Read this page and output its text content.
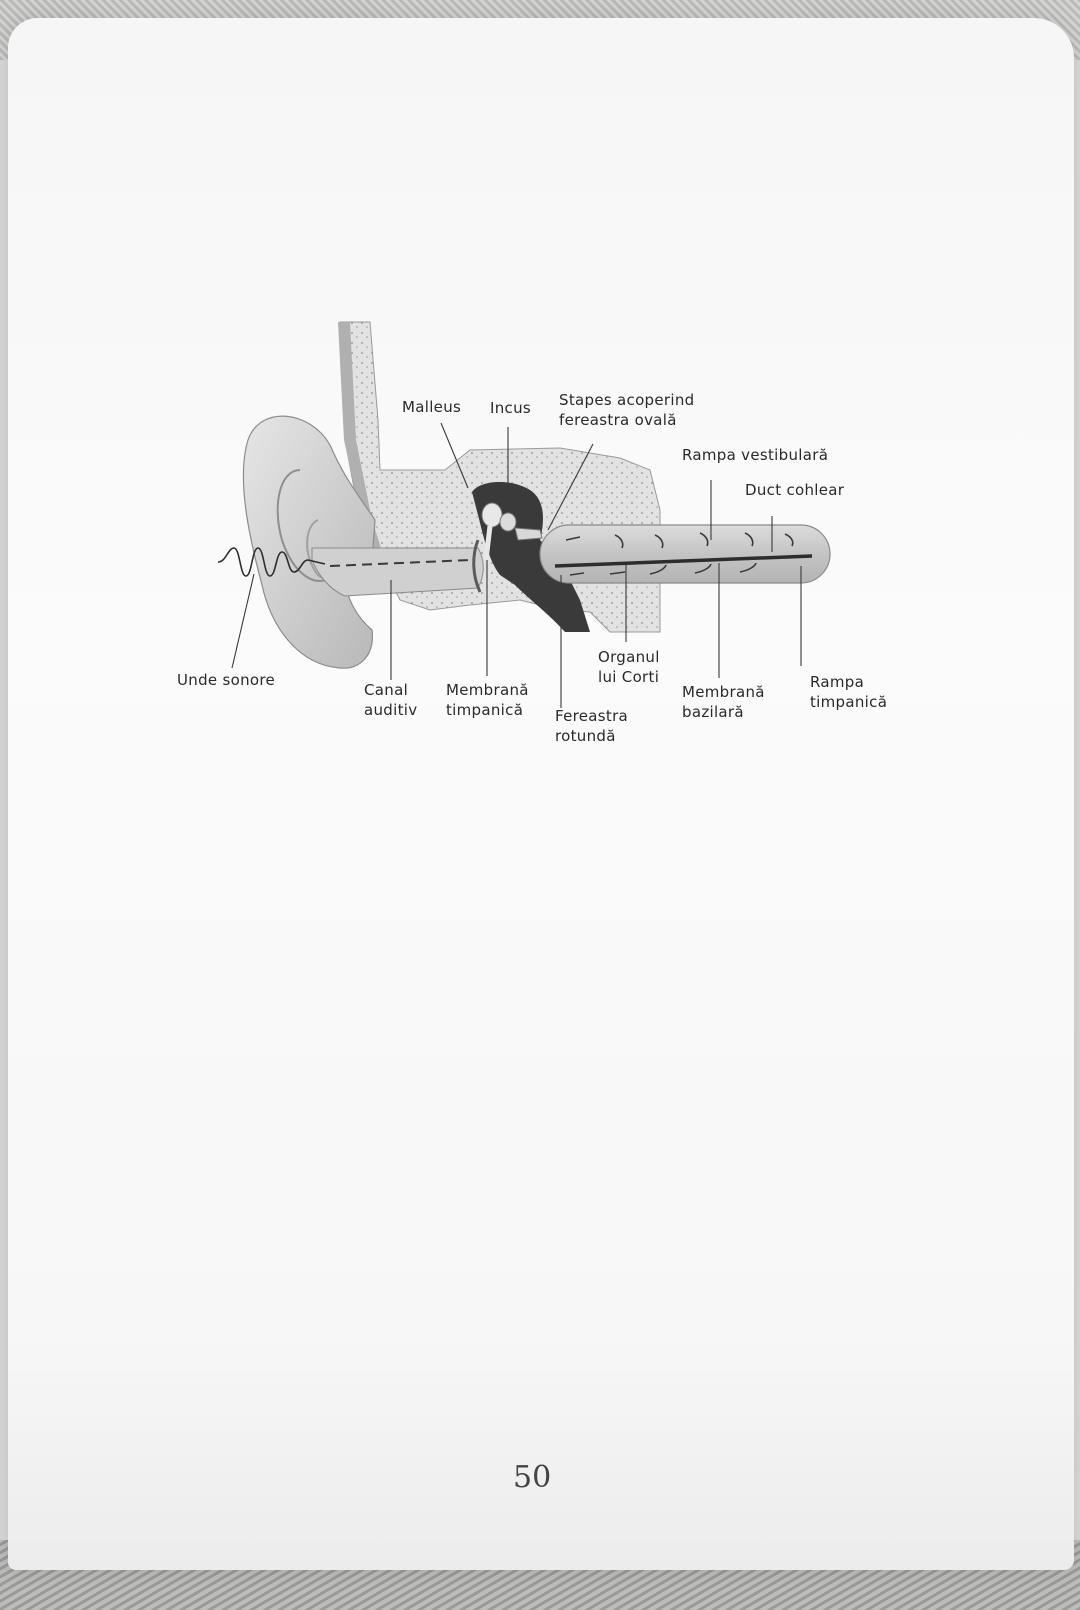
Malleus Incus Stapes acoperind
fereastra ovală
Rampa vestibulară
Duct cohlear
Unde sonore
Canal
auditiv
Membrană
timpanică	Fereastra
rotundă
Organul
lui Corti
Membrană
bazilară
Rampa
timpanică
50
